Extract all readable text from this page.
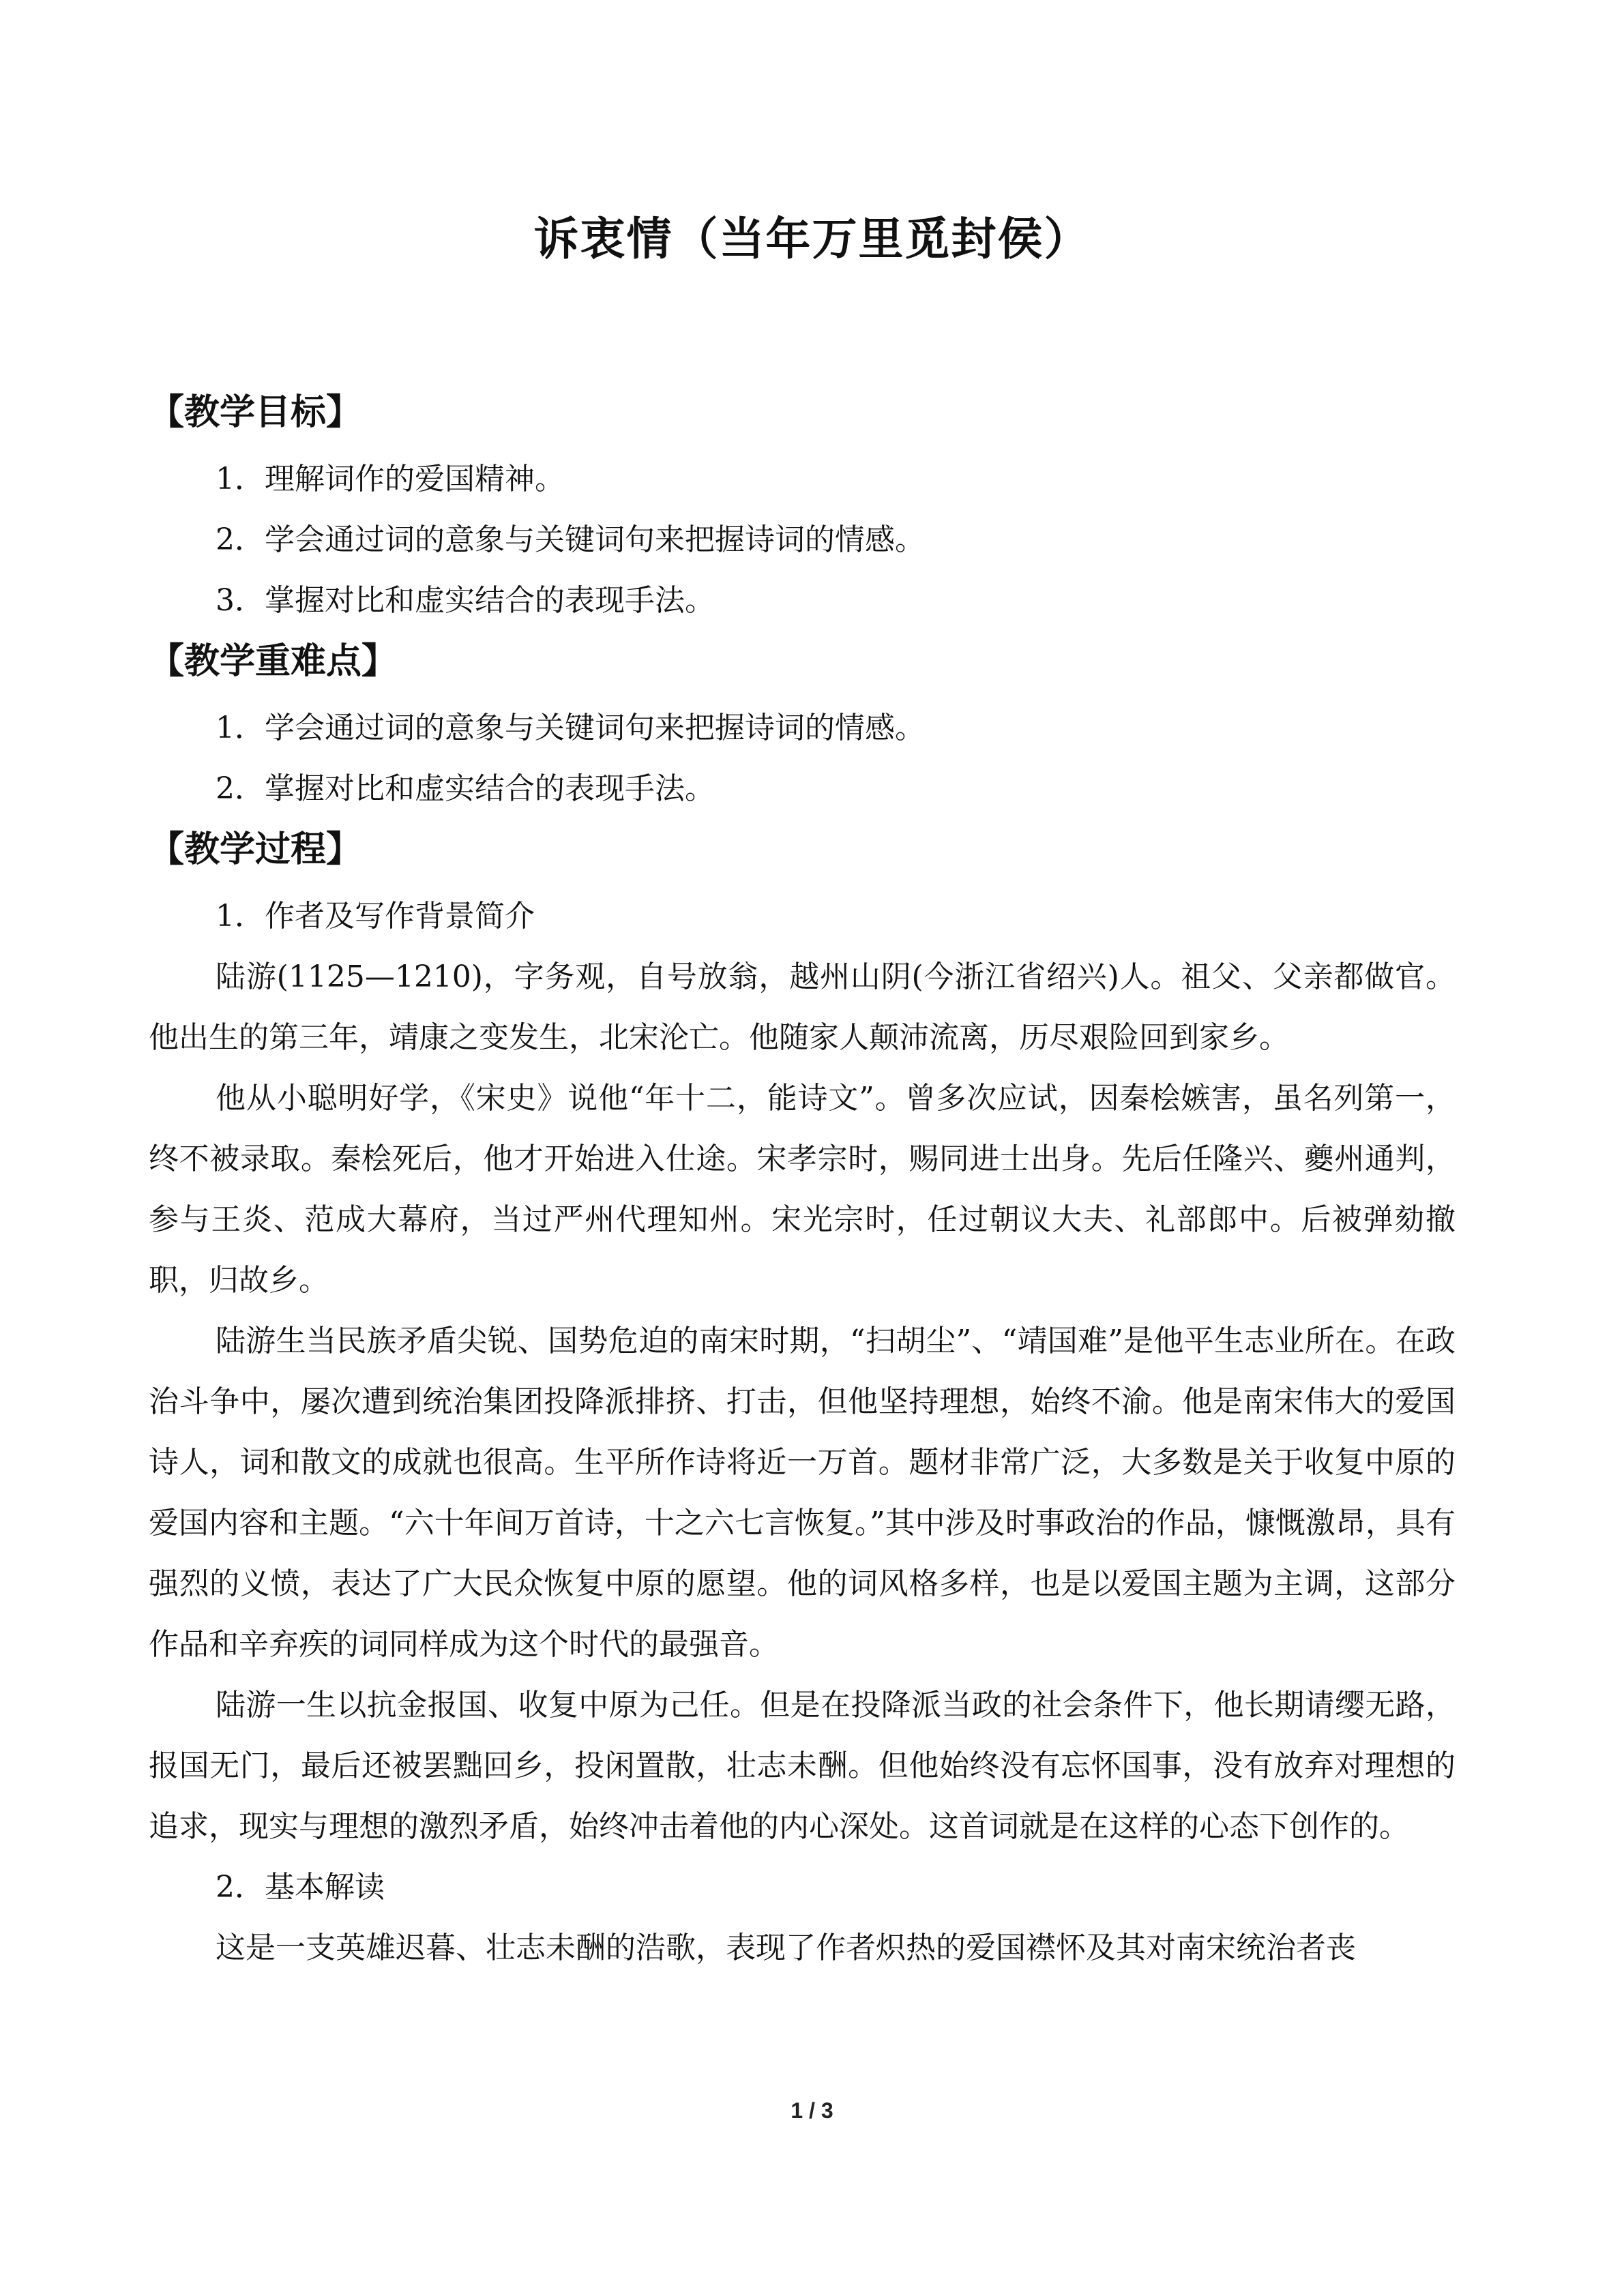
诉衷情（当年万里觅封侯）
【教学目标】

1．理解词作的爱国精神。

2．学会通过词的意象与关键词句来把握诗词的情感。

3．掌握对比和虚实结合的表现手法。

【教学重难点】

1．学会通过词的意象与关键词句来把握诗词的情感。

2．掌握对比和虚实结合的表现手法。

【教学过程】

1．作者及写作背景简介

陆游(1125—1210)，字务观，自号放翁，越州山阴(今浙江省绍兴)人。祖父、父亲都做官。他出生的第三年，靖康之变发生，北宋沦亡。他随家人颠沛流离，历尽艰险回到家乡。

他从小聪明好学，《宋史》说他“年十二，能诗文”。曾多次应试，因秦桧嫉害，虽名列第一，终不被录取。秦桧死后，他才开始进入仕途。宋孝宗时，赐同进士出身。先后任隆兴、夔州通判，参与王炎、范成大幕府，当过严州代理知州。宋光宗时，任过朝议大夫、礼部郎中。后被弹劾撤职，归故乡。

陆游生当民族矛盾尖锐、国势危迫的南宋时期，“扫胡尘”、“靖国难”是他平生志业所在。在政治斗争中，屡次遭到统治集团投降派排挤、打击，但他坚持理想，始终不渝。他是南宋伟大的爱国诗人，词和散文的成就也很高。生平所作诗将近一万首。题材非常广泛，大多数是关于收复中原的爱国内容和主题。“六十年间万首诗，十之六七言恢复。”其中涉及时事政治的作品，慷慨激昂，具有强烈的义愤，表达了广大民众恢复中原的愿望。他的词风格多样，也是以爱国主题为主调，这部分作品和辛弃疾的词同样成为这个时代的最强音。

陆游一生以抗金报国、收复中原为己任。但是在投降派当政的社会条件下，他长期请缨无路，报国无门，最后还被罢黜回乡，投闲置散，壮志未酬。但他始终没有忘怀国事，没有放弃对理想的追求，现实与理想的激烈矛盾，始终冲击着他的内心深处。这首词就是在这样的心态下创作的。

2．基本解读

这是一支英雄迟暮、壮志未酬的浩歌，表现了作者炽热的爱国襟怀及其对南宋统治者丧

1 / 3
